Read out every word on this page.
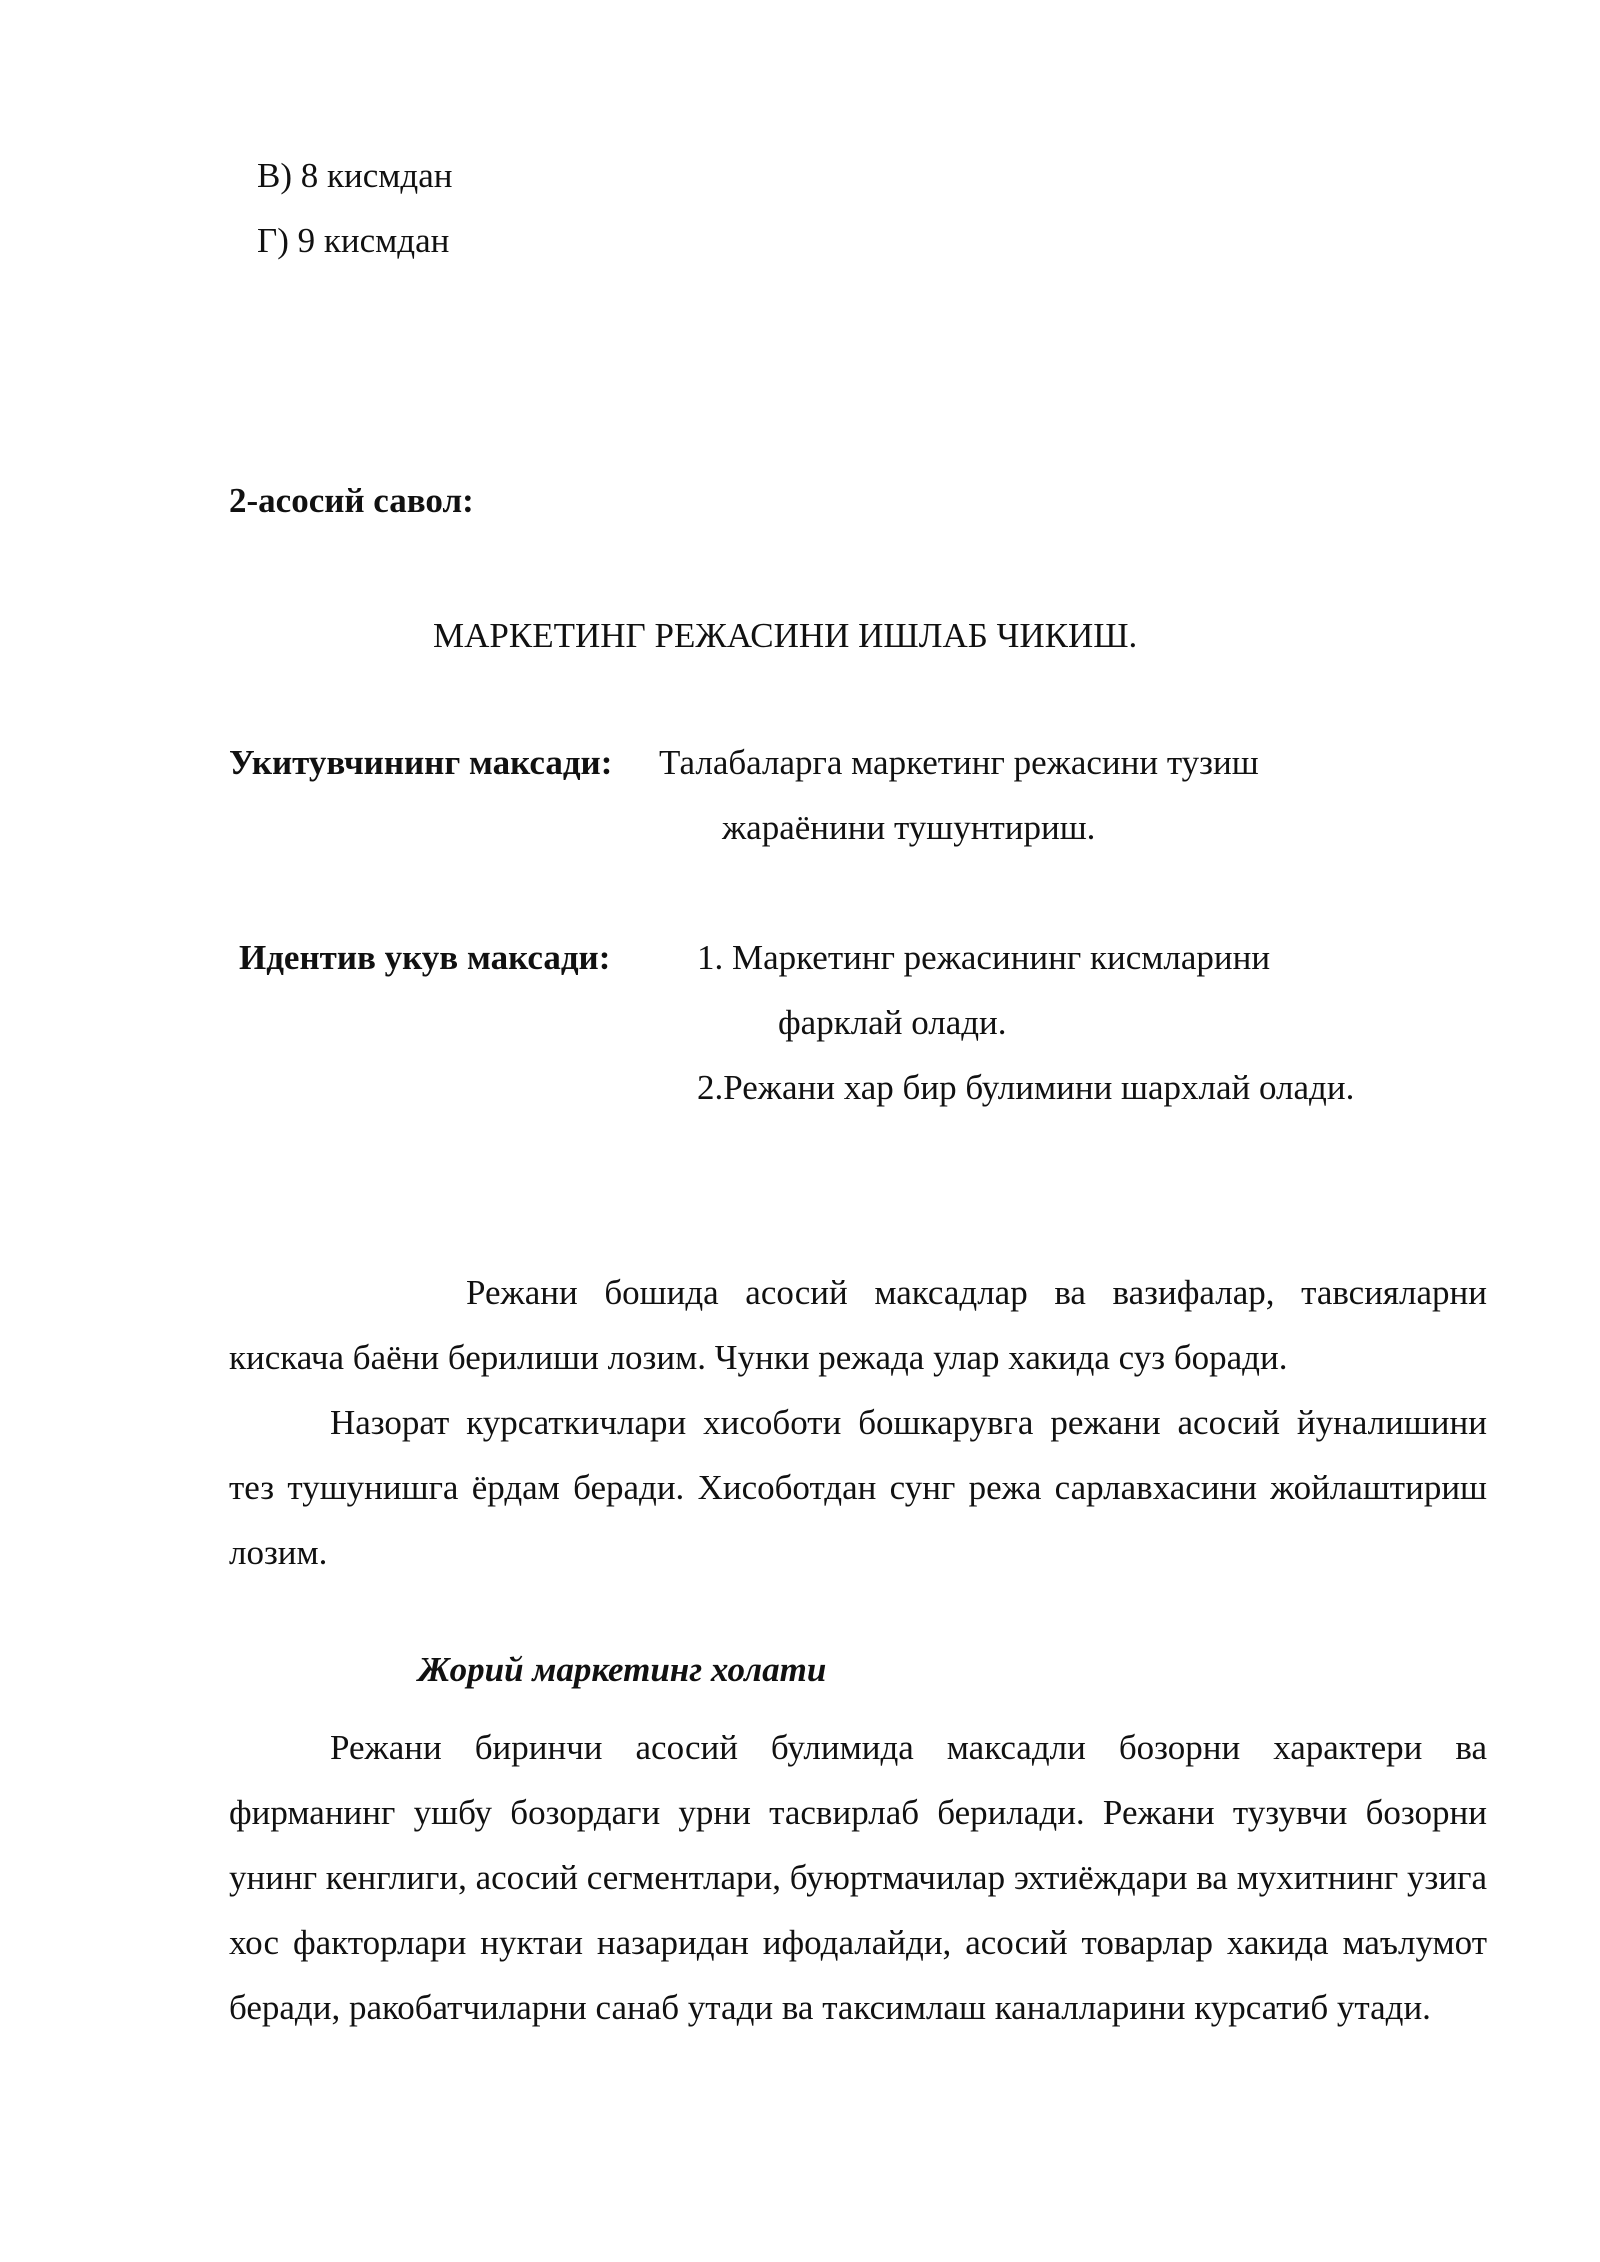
В) 8 кисмдан
Г) 9 кисмдан
2-асосий савол:
МАРКЕТИНГ РЕЖАСИНИ ИШЛАБ ЧИКИШ.
Укитувчининг максади: Талабаларга маркетинг режасини тузиш
жараёнини тушунтириш.
Идентив укув максади: 1. Маркетинг режасининг кисмларини
фарклай олади.
2.Режани хар бир булимини шархлай олади.
Режани бошида асосий максадлар ва вазифалар, тавсияларни кискача баёни берилиши лозим. Чунки режада улар хакида суз боради.
Назорат курсаткичлари хисоботи бошкарувга режани асосий йуналишини тез тушунишга ёрдам беради. Хисоботдан сунг режа сарлавхасини жойлаштириш лозим.
Жорий маркетинг холати
Режани биринчи асосий булимида максадли бозорни характери ва фирманинг ушбу бозордаги урни тасвирлаб берилади. Режани тузувчи бозорни унинг кенглиги, асосий сегментлари, буюртмачилар эхтиёждари ва мухитнинг узига хос факторлари нуктаи назаридан ифодалайди, асосий товарлар хакида маълумот беради, ракобатчиларни санаб утади ва таксимлаш каналларини курсатиб утади.
